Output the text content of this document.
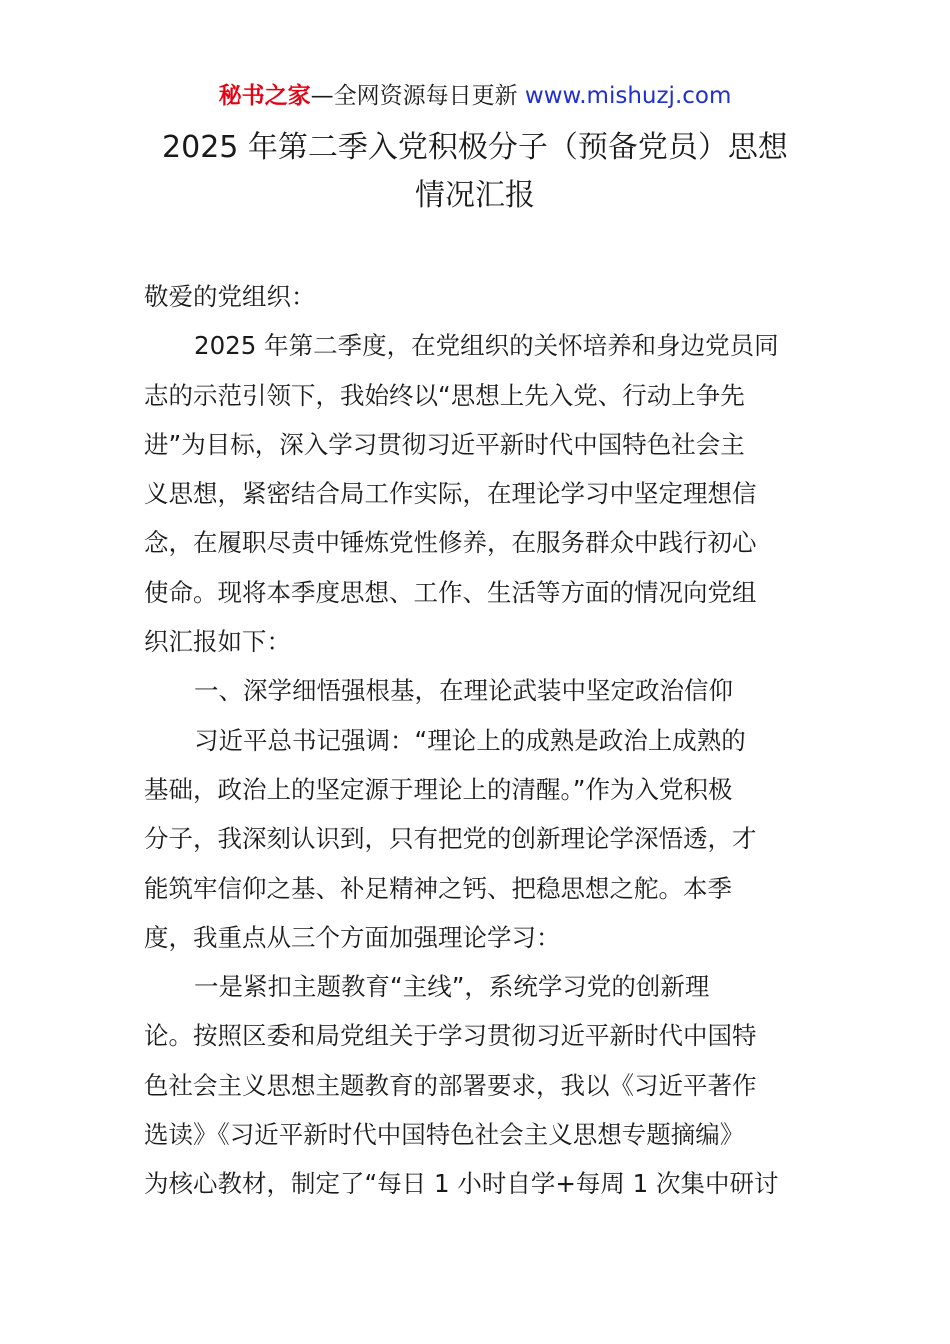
秘书之家—全网资源每日更新 www.mishuzj.com
2025 年第二季入党积极分子（预备党员）思想
情况汇报
敬爱的党组织：
2025 年第二季度，在党组织的关怀培养和身边党员同
志的示范引领下，我始终以“思想上先入党、行动上争先
进”为目标，深入学习贯彻习近平新时代中国特色社会主
义思想，紧密结合局工作实际，在理论学习中坚定理想信
念，在履职尽责中锤炼党性修养，在服务群众中践行初心
使命。现将本季度思想、工作、生活等方面的情况向党组
织汇报如下：
一、深学细悟强根基，在理论武装中坚定政治信仰
习近平总书记强调：“理论上的成熟是政治上成熟的
基础，政治上的坚定源于理论上的清醒。”作为入党积极
分子，我深刻认识到，只有把党的创新理论学深悟透，才
能筑牢信仰之基、补足精神之钙、把稳思想之舵。本季
度，我重点从三个方面加强理论学习：
一是紧扣主题教育“主线”，系统学习党的创新理
论。按照区委和局党组关于学习贯彻习近平新时代中国特
色社会主义思想主题教育的部署要求，我以《习近平著作
选读》《习近平新时代中国特色社会主义思想专题摘编》
为核心教材，制定了“每日 1 小时自学+每周 1 次集中研讨
